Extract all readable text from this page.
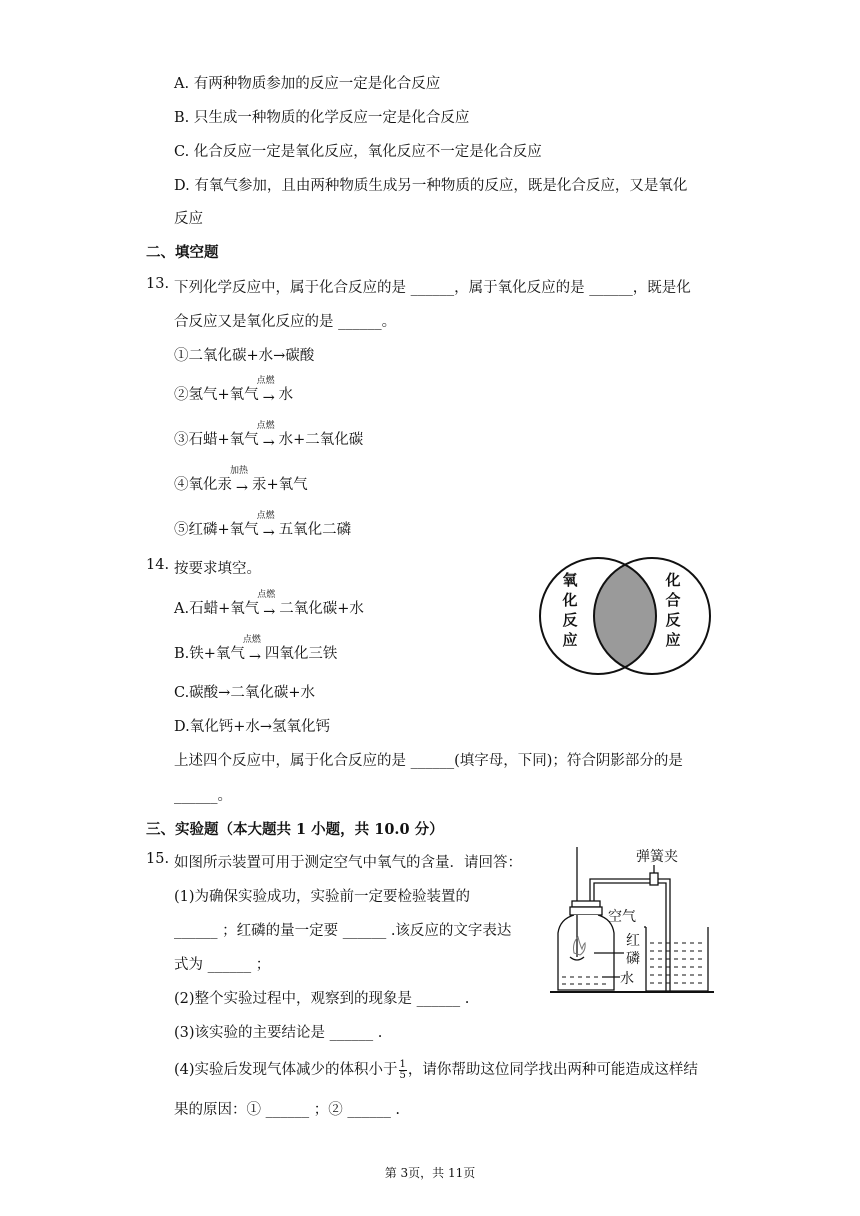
A. 有两种物质参加的反应一定是化合反应
B. 只生成一种物质的化学反应一定是化合反应
C. 化合反应一定是氧化反应，氧化反应不一定是化合反应
D. 有氧气参加，且由两种物质生成另一种物质的反应，既是化合反应，又是氧化
反应
二、填空题
13. 下列化学反应中，属于化合反应的是 ______，属于氧化反应的是 ______，既是化
合反应又是氧化反应的是 ______。
①二氧化碳+水→碳酸
②氢气+氧气
点燃
→ 水
③石蜡+氧气
点燃
→ 水+二氧化碳
④氧化汞
加热
→ 汞+氧气
⑤红磷+氧气
点燃
→ 五氧化二磷
14. 按要求填空。
A.石蜡+氧气
点燃
→ 二氧化碳+水
B.铁+氧气
点燃
→ 四氧化三铁
C.碳酸→二氧化碳+水
D.氧化钙+水→氢氧化钙
上述四个反应中，属于化合反应的是 ______(填字母，下同)；符合阴影部分的是
______。
氧
化
反
应
化
合
反
应
三、实验题（本大题共 1 小题，共 10.0 分）
15. 如图所示装置可用于测定空气中氧气的含量．请回答：
(1)为确保实验成功，实验前一定要检验装置的
______ ；红磷的量一定要 ______ .该反应的文字表达
式为 ______ ；
(2)整个实验过程中，观察到的现象是 ______ .
(3)该实验的主要结论是 ______ .
(4)实验后发现气体减少的体积小于 $\frac{1}{5}$ ，请你帮助这位同学找出两种可能造成这样结
果的原因：① ______ ；② ______ .
弹簧夹
空气
红
磷
水
第 3页，共 11页
